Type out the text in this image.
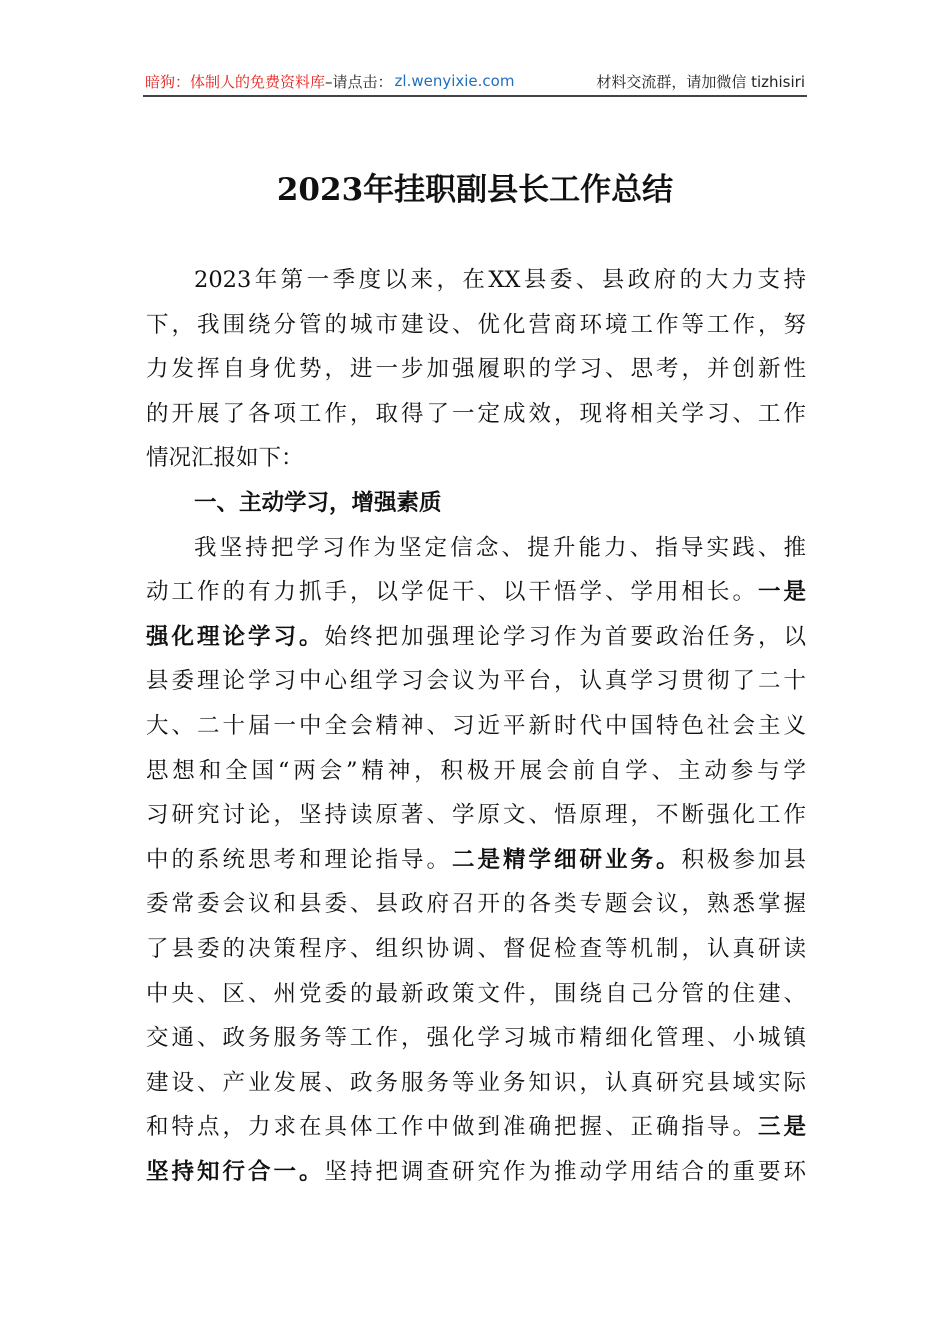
暗狗：体制人的免费资料库 –请点击： zl.wenyixie.com	材料交流群，请加微信 tizhisiri
2023年挂职副县长工作总结
2023年第一季度以来，在XX县委、县政府的大力支持
下，我围绕分管的城市建设、优化营商环境工作等工作，努
力发挥自身优势，进一步加强履职的学习、思考，并创新性
的开展了各项工作，取得了一定成效，现将相关学习、工作
情况汇报如下：
一、主动学习，增强素质
我坚持把学习作为坚定信念、提升能力、指导实践、推
动工作的有力抓手，以学促干、以干悟学、学用相长。一是
强化理论学习。始终把加强理论学习作为首要政治任务，以
县委理论学习中心组学习会议为平台，认真学习贯彻了二十
大、二十届一中全会精神、习近平新时代中国特色社会主义
思想和全国“两会”精神，积极开展会前自学、主动参与学
习研究讨论，坚持读原著、学原文、悟原理，不断强化工作
中的系统思考和理论指导。二是精学细研业务。积极参加县
委常委会议和县委、县政府召开的各类专题会议，熟悉掌握
了县委的决策程序、组织协调、督促检查等机制，认真研读
中央、区、州党委的最新政策文件，围绕自己分管的住建、
交通、政务服务等工作，强化学习城市精细化管理、小城镇
建设、产业发展、政务服务等业务知识，认真研究县域实际
和特点，力求在具体工作中做到准确把握、正确指导。三是
坚持知行合一。坚持把调查研究作为推动学用结合的重要环
